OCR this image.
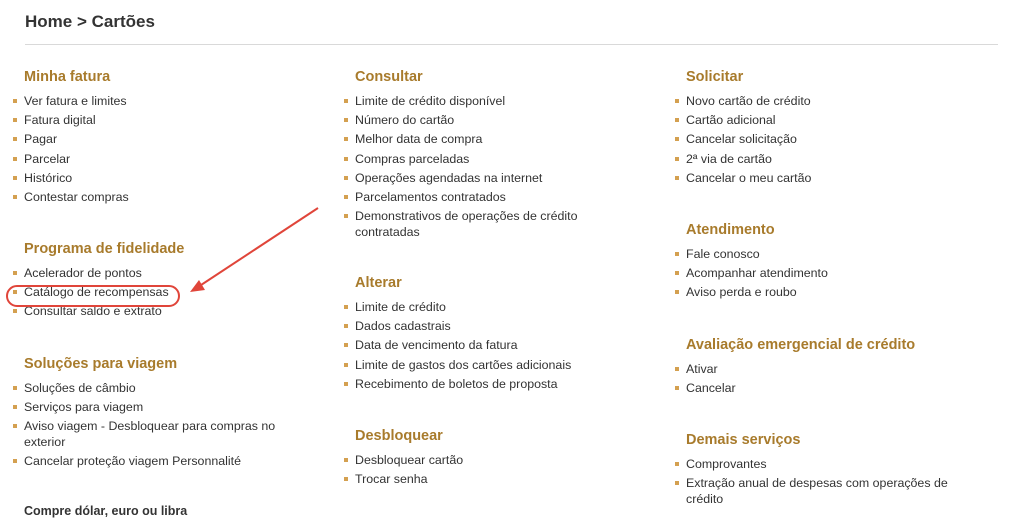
Home > Cartões
Minha fatura
Ver fatura e limites
Fatura digital
Pagar
Parcelar
Histórico
Contestar compras
Programa de fidelidade
Acelerador de pontos
Catálogo de recompensas
Consultar saldo e extrato
Soluções para viagem
Soluções de câmbio
Serviços para viagem
Aviso viagem - Desbloquear para compras no exterior
Cancelar proteção viagem Personnalité
Compre dólar, euro ou libra
Consultar
Limite de crédito disponível
Número do cartão
Melhor data de compra
Compras parceladas
Operações agendadas na internet
Parcelamentos contratados
Demonstrativos de operações de crédito contratadas
Alterar
Limite de crédito
Dados cadastrais
Data de vencimento da fatura
Limite de gastos dos cartões adicionais
Recebimento de boletos de proposta
Desbloquear
Desbloquear cartão
Trocar senha
Solicitar
Novo cartão de crédito
Cartão adicional
Cancelar solicitação
2ª via de cartão
Cancelar o meu cartão
Atendimento
Fale conosco
Acompanhar atendimento
Aviso perda e roubo
Avaliação emergencial de crédito
Ativar
Cancelar
Demais serviços
Comprovantes
Extração anual de despesas com operações de crédito
